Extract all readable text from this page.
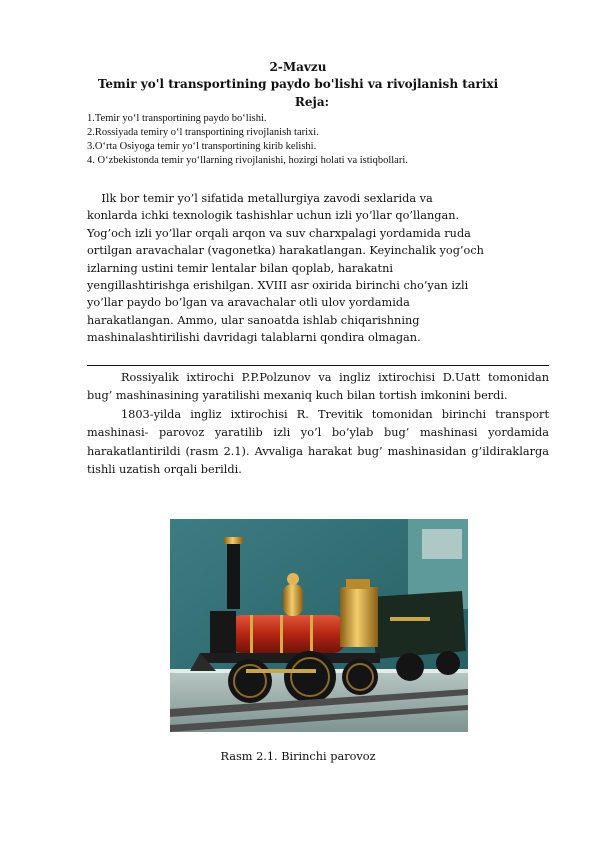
2-Mavzu
Temir yo'l transportining paydo bo'lishi va rivojlanish tarixi
Reja:
1.Temir yo‘l transportining paydo bo‘lishi.
2.Rossiyada temiry o‘l transportining rivojlanish tarixi.
3.O‘rta Osiyoga temir yo‘l transportining kirib kelishi.
4. O‘zbekistonda temir yo‘llarning rivojlanishi, hozirgi holati va istiqbollari.
Ilk bor temir yo’l sifatida metallurgiya zavodi sexlarida va
konlarda ichki texnologik tashishlar uchun izli yo’llar qo’llangan.
Yog’och izli yo’llar orqali arqon va suv charxpalagi yordamida ruda
ortilgan aravachalar (vagonetka) harakatlangan. Keyinchalik yog’och
izlarning ustini temir lentalar bilan qoplab, harakatni
yengillashtirishga erishilgan. XVIII asr oxirida birinchi cho’yan izli
yo’llar paydo bo’lgan va aravachalar otli ulov yordamida
harakatlangan. Ammo, ular sanoatda ishlab chiqarishning
mashinalashtirilishi davridagi talablarni qondira olmagan.

Rossiyalik ixtirochi P.P.Polzunov va ingliz ixtirochisi D.Uatt tomonidan bug’ mashinasining yaratilishi mexaniq kuch bilan tortish imkonini berdi.

1803-yilda ingliz ixtirochisi R. Trevitik tomonidan birinchi transport mashinasi- parovoz yaratilib izli yo’l bo’ylab bug’ mashinasi yordamida harakatlantirildi (rasm 2.1). Avvaliga harakat bug’ mashinasidan g’ildiraklarga tishli uzatish orqali berildi.

Rasm 2.1. Birinchi parovoz
